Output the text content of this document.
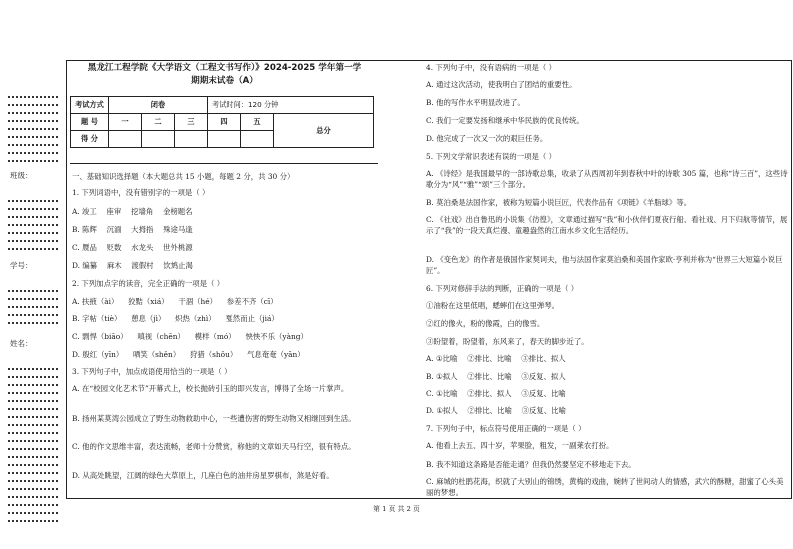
班级：
学号：
姓名：
黑龙江工程学院《大学语文（工程文书写作）》2024-2025 学年第一学
期期末试卷（A）
考试方式	闭卷			考试时间：120 分钟		
题 号	一	二	三	四	五	总分
得 分						
一、基础知识选择题（本大题总共 15 小题，每题 2 分，共 30 分）
1. 下列词语中，没有错别字的一项是（ ）
A. 竣工 　座审 　挖墙角 　金榜题名
B. 陈辉 　沉湎 　大拇指 　殊途马逢
C. 赝品 　贬数 　水龙头 　世外桃源
D. 编纂 　麻木 　渡假村 　饮鸩止渴
2. 下列加点字的读音，完全正确的一项是（ ）
A. 扶掖（ài） 　狡黠（xiá） 　干涸（hé） 　参差不齐（cī）
B. 字帖（tiè） 　憩息（jì） 　炽热（zhì） 　戛然而止（jiá）
C. 剽悍（biāo） 　嗔视（chēn） 　模样（mó） 　怏怏不乐（yàng）
D. 殷红（yīn） 　哂笑（shěn） 　狩猎（shǒu） 　气息奄奄（yān）
3. 下列句子中，加点成语使用恰当的一项是（ ）
A. 在“校园文化艺术节”开幕式上，校长抛砖引玉的即兴发言，博得了全场一片掌声。
B. 扬州某莫湾公园成立了野生动物救助中心，一些遭伤害的野生动物又相继回到生活。
C. 他的作文思维丰富，表达流畅，老师十分赞赏，称他的文章如天马行空，很有特点。
D. 从高处眺望，江阔的绿色大草原上，几座白色的油井房星罗棋布，煞是好看。
4. 下列句子中，没有语病的一项是（ ）
A. 通过这次活动，使我明白了团结的重要性。
B. 他的写作水平明显改进了。
C. 我们一定要发扬和继承中华民族的优良传统。
D. 他完成了一次又一次的艰巨任务。
5. 下列文学常识表述有误的一项是（ ）
A. 《诗经》是我国最早的一部诗歌总集，收录了从西周初年到春秋中叶的诗歌 305 篇，也称“诗三百”，这些诗歌分为“风”“雅”“颂”三个部分。
B. 莫泊桑是法国作家，被称为短篇小说巨匠，代表作品有《项链》《羊脂球》等。
C. 《社戏》出自鲁迅的小说集《彷徨》，文章通过描写“我”和小伙伴们夏夜行船、看社戏、月下归航等情节，展示了“我”的一段天真烂漫、童趣盎然的江南水乡文化生活经历。
D. 《变色龙》的作者是俄国作家契诃夫，他与法国作家莫泊桑和美国作家欧·亨利并称为“世界三大短篇小说巨匠”。
6. 下列对修辞手法的判断，正确的一项是（ ）
①油粉在这里低唱，蟋蟀们在这里弹琴。
②红的像火，粉的像霞，白的像雪。
③盼望着，盼望着，东风来了，春天的脚步近了。
A. ①比喻 　②排比、比喻 　③排比、拟人
B. ①拟人 　②排比、比喻 　③反复、拟人
C. ①比喻 　②排比、拟人 　③反复、比喻
D. ①拟人 　②排比、比喻 　③反复、比喻
7. 下列句子中，标点符号使用正确的一项是（ ）
A. 他看上去五、四十岁，苹果脸，粗发，一副莱农打扮。
B. 我不知道这条路是否能走通？但我仍然要坚定不移地走下去。
C. 麻城的杜鹃花海，织就了大别山的锦绣，黄梅的戏曲，婉转了世间动人的情感，武穴的酥糖，甜蜜了心头美丽的梦想。
第 1 页 共 2 页
